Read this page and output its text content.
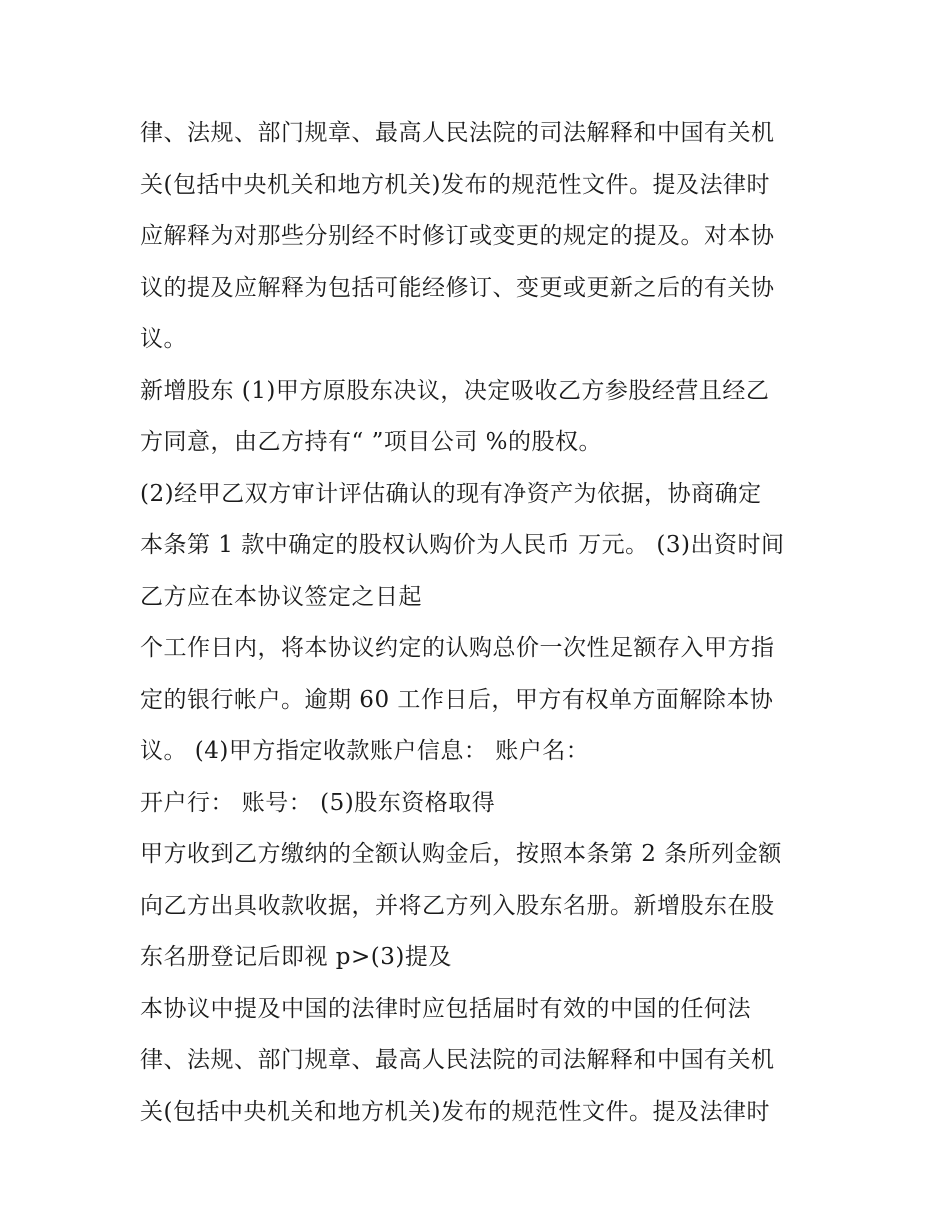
律、法规、部门规章、最高人民法院的司法解释和中国有关机
关(包括中央机关和地方机关)发布的规范性文件。提及法律时
应解释为对那些分别经不时修订或变更的规定的提及。对本协
议的提及应解释为包括可能经修订、变更或更新之后的有关协
议。
新增股东 (1)甲方原股东决议，决定吸收乙方参股经营且经乙
方同意，由乙方持有“ ”项目公司 %的股权。
(2)经甲乙双方审计评估确认的现有净资产为依据，协商确定
本条第 1 款中确定的股权认购价为人民币 万元。 (3)出资时间
乙方应在本协议签定之日起
个工作日内，将本协议约定的认购总价一次性足额存入甲方指
定的银行帐户。逾期 60 工作日后，甲方有权单方面解除本协
议。 (4)甲方指定收款账户信息： 账户名：
开户行： 账号： (5)股东资格取得
甲方收到乙方缴纳的全额认购金后，按照本条第 2 条所列金额
向乙方出具收款收据，并将乙方列入股东名册。新增股东在股
东名册登记后即视 p>(3)提及
本协议中提及中国的法律时应包括届时有效的中国的任何法
律、法规、部门规章、最高人民法院的司法解释和中国有关机
关(包括中央机关和地方机关)发布的规范性文件。提及法律时
